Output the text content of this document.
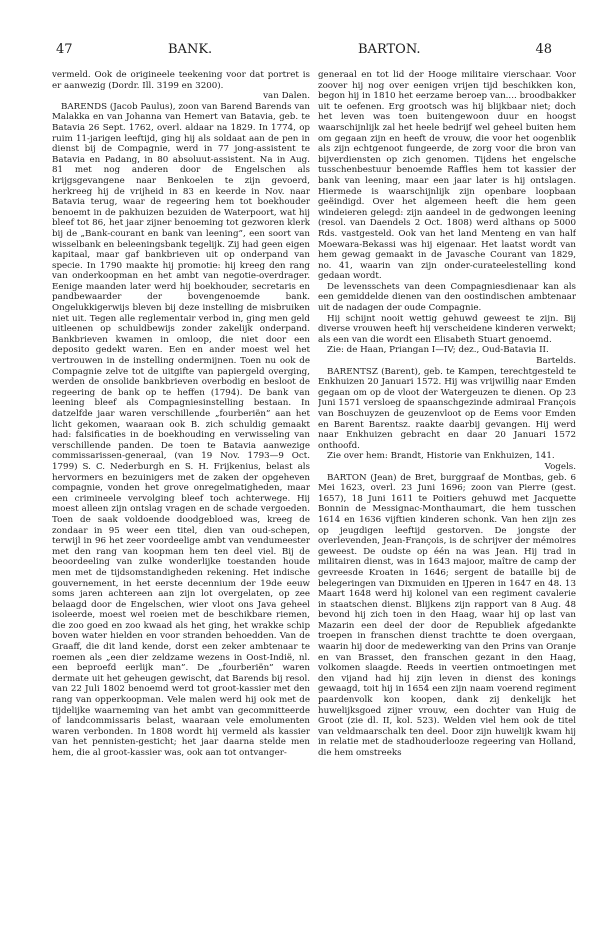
47	BANK.	BARTON.	48

vermeld. Ook de origineele teekening voor dat portret is er aanwezig (Dordr. Ill. 3199 en 3200).

van Dalen.

BARENDS (Jacob Paulus), zoon van Barend Barends van Malakka en van Johanna van Hemert van Batavia, geb. te Batavia 26 Sept. 1762, overl. aldaar na 1829. In 1774, op ruim 11-jarigen leeftijd, ging hij als soldaat aan de pen in dienst bij de Compagnie, werd in 77 jong-assistent te Batavia en Padang, in 80 absoluut-assistent. Na in Aug. 81 met nog anderen door de Engelschen als krijgsgevangene naar Benkoelen te zijn gevoerd, herkreeg hij de vrijheid in 83 en keerde in Nov. naar Batavia terug, waar de regeering hem tot boekhouder benoemt in de pakhuizen bezuiden de Waterpoort, wat hij bleef tot 86, het jaar zijner benoeming tot gezworen klerk bij de „Bank-courant en bank van leening”, een soort van wisselbank en beleeningsbank tegelijk. Zij had geen eigen kapitaal, maar gaf bankbrieven uit op onderpand van specie. In 1790 maakte hij promotie: hij kreeg den rang van onderkoopman en het ambt van negotie-overdrager. Eenige maanden later werd hij boekhouder, secretaris en pandbewaarder der bovengenoemde bank. Ongelukkigerwijs bleven bij deze instelling de misbruiken niet uit. Tegen alle reglementair verbod in, ging men geld uitleenen op schuldbewijs zonder zakelijk onderpand. Bankbrieven kwamen in omloop, die niet door een deposito gedekt waren. Een en ander moest wel het vertrouwen in de instelling ondermijnen. Toen nu ook de Compagnie zelve tot de uitgifte van papiergeld overging, werden de onsolide bankbrieven overbodig en besloot de regeering de bank op te heffen (1794). De bank van leening bleef als Compagniesinstelling bestaan. In datzelfde jaar waren verschillende „fourberiën” aan het licht gekomen, waaraan ook B. zich schuldig gemaakt had: falsificaties in de boekhouding en verwisseling van verschillende panden. De toen te Batavia aanwezige commissarissen-generaal, (van 19 Nov. 1793—9 Oct. 1799) S. C. Nederburgh en S. H. Frijkenius, belast als hervormers en bezuinigers met de zaken der opgeheven compagnie, vonden het grove onregelmatigheden, maar een crimineele vervolging bleef toch achterwege. Hij moest alleen zijn ontslag vragen en de schade vergoeden. Toen de saak voldoende doodgebloed was, kreeg de zondaar in 95 weer een titel, dien van oud-schepen, terwijl in 96 het zeer voordeelige ambt van vendumeester met den rang van koopman hem ten deel viel. Bij de beoordeeling van zulke wonderlijke toestanden houde men met de tijdsomstandigheden rekening. Het indische gouvernement, in het eerste decennium der 19de eeuw soms jaren achtereen aan zijn lot overgelaten, op zee belaagd door de Engelschen, wier vloot ons Java geheel isoleerde, moest wel roeien met de beschikbare riemen, die zoo goed en zoo kwaad als het ging, het wrakke schip boven water hielden en voor stranden behoedden. Van de Graaff, die dit land kende, dorst een zeker ambtenaar te roemen als „een dier zeldzame wezens in Oost-Indië, nl. een beproefd eerlijk man”. De „fourberiën” waren dermate uit het geheugen gewischt, dat Barends bij resol. van 22 Juli 1802 benoemd werd tot groot-kassier met den rang van opperkoopman. Vele malen werd hij ook met de tijdelijke waarneming van het ambt van gecommitteerde of landcommissaris belast, waaraan vele emolumenten waren verbonden. In 1808 wordt hij vermeld als kassier van het pennisten-gesticht; het jaar daarna stelde men hem, die al groot-kassier was, ook aan tot ontvanger-

generaal en tot lid der Hooge militaire vierschaar. Voor zoover hij nog over eenigen vrijen tijd beschikken kon, begon hij in 1810 het eerzame beroep van.... broodbakker uit te oefenen. Erg grootsch was hij blijkbaar niet; doch het leven was toen buitengewoon duur en hoogst waarschijnlijk zal het heele bedrijf wel geheel buiten hem om gegaan zijn en heeft de vrouw, die voor het oogenblik als zijn echtgenoot fungeerde, de zorg voor die bron van bijverdiensten op zich genomen. Tijdens het engelsche tusschenbestuur benoemde Raffles hem tot kassier der bank van leening, maar een jaar later is hij ontslagen. Hiermede is waarschijnlijk zijn openbare loopbaan geëindigd. Over het algemeen heeft die hem geen windeieren gelegd: zijn aandeel in de gedwongen leening (resol. van Daendels 2 Oct. 1808) werd althans op 5000 Rds. vastgesteld. Ook van het land Menteng en van half Moewara-Bekassi was hij eigenaar. Het laatst wordt van hem gewag gemaakt in de Javasche Courant van 1829, no. 41, waarin van zijn onder-curateelestelling kond gedaan wordt.

De levensschets van deen Compagniesdienaar kan als een gemiddelde dienen van den oostindischen ambtenaar uit de nadagen der oude Compagnie.

Hij schijnt nooit wettig gehuwd geweest te zijn. Bij diverse vrouwen heeft hij verscheidene kinderen verwekt; als een van die wordt een Elisabeth Stuart genoemd.

Zie: de Haan, Priangan I—IV; dez., Oud-Batavia II.

Bartelds.

BARENTSZ (Barent), geb. te Kampen, terechtgesteld te Enkhuizen 20 Januari 1572. Hij was vrijwillig naar Emden gegaan om op de vloot der Watergeuzen te dienen. Op 23 Juni 1571 versloeg de spaanschgezinde admiraal François van Boschuyzen de geuzenvloot op de Eems voor Emden en Barent Barentsz. raakte daarbij gevangen. Hij werd naar Enkhuizen gebracht en daar 20 Januari 1572 onthoofd.

Zie over hem: Brandt, Historie van Enkhuizen, 141.

Vogels.

BARTON (Jean) de Bret, burggraaf de Montbas, geb. 6 Mei 1623, overl. 23 Juni 1696; zoon van Pierre (gest. 1657), 18 Juni 1611 te Poitiers gehuwd met Jacquette Bonnin de Messignac-Monthaumart, die hem tusschen 1614 en 1636 vijftien kinderen schonk. Van hen zijn zes op jeugdigen leeftijd gestorven. De jongste der overlevenden, Jean-François, is de schrijver der mémoires geweest. De oudste op één na was Jean. Hij trad in militairen dienst, was in 1643 majoor, maître de camp der gevreesde Kroaten in 1646; sergent de bataille bij de belegeringen van Dixmuiden en IJperen in 1647 en 48. 13 Maart 1648 werd hij kolonel van een regiment cavalerie in staatschen dienst. Blijkens zijn rapport van 8 Aug. 48 bevond hij zich toen in den Haag, waar hij op last van Mazarin een deel der door de Republiek afgedankte troepen in franschen dienst trachtte te doen overgaan, waarin hij door de medewerking van den Prins van Oranje en van Brasset, den franschen gezant in den Haag, volkomen slaagde. Reeds in veertien ontmoetingen met den vijand had hij zijn leven in dienst des konings gewaagd, toit hij in 1654 een zijn naam voerend regiment paardenvolk kon koopen, dank zij denkelijk het huwelijksgoed zijner vrouw, een dochter van Huig de Groot (zie dl. II, kol. 523). Welden viel hem ook de titel van veldmaarschalk ten deel. Door zijn huwelijk kwam hij in relatie met de stadhouderlooze regeering van Holland, die hem omstreeks
